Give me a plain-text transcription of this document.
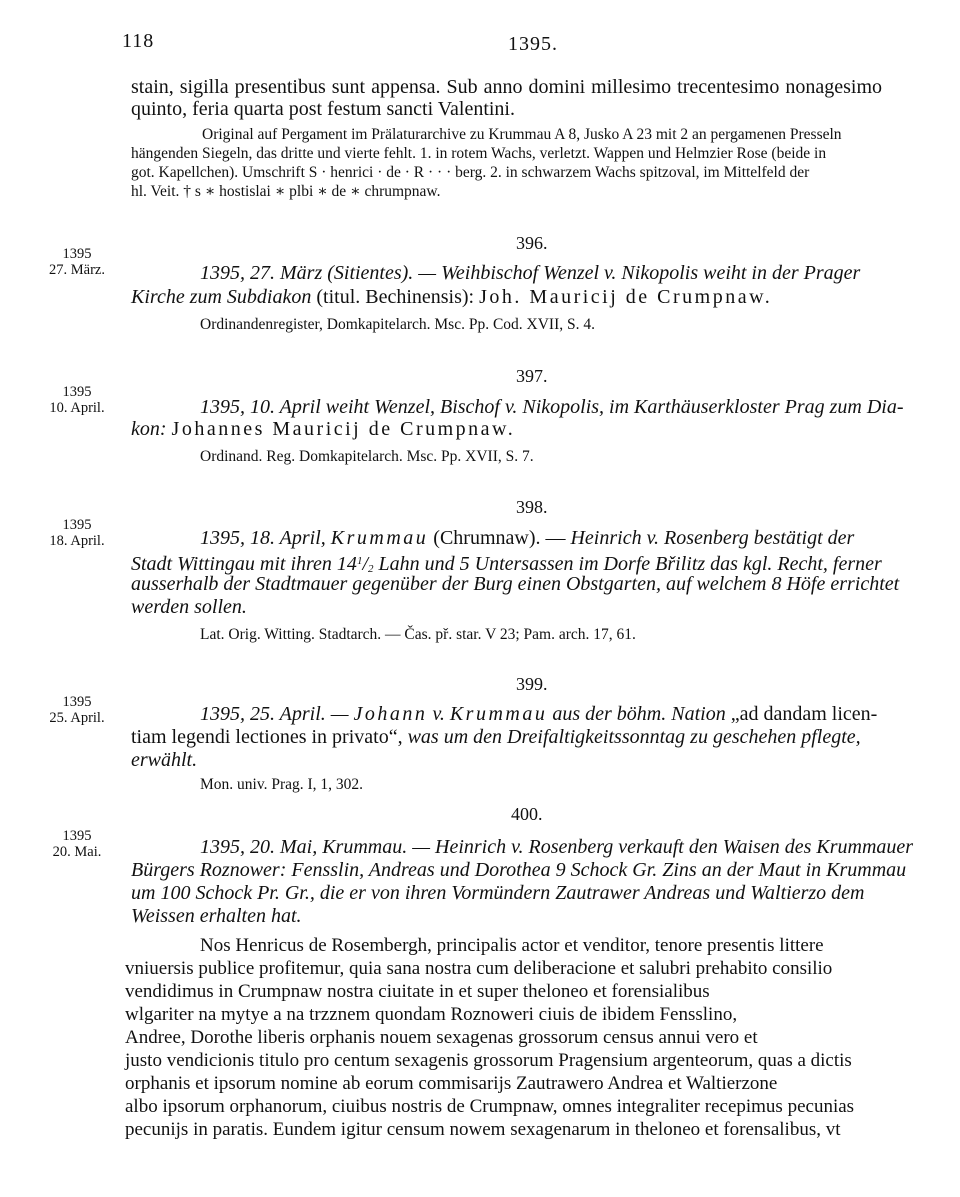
118	1395.
stain, sigilla presentibus sunt appensa. Sub anno domini millesimo trecentesimo nonagesimo
quinto, feria quarta post festum sancti Valentini.
Original auf Pergament im Prälaturarchive zu Krummau A 8, Jusko A 23 mit 2 an pergamenen Presseln
hängenden Siegeln, das dritte und vierte fehlt. 1. in rotem Wachs, verletzt. Wappen und Helmzier Rose (beide in
got. Kapellchen). Umschrift S · henrici · de · R · · · berg. 2. in schwarzem Wachs spitzoval, im Mittelfeld der
hl. Veit. † s ∗ hostislai ∗ plbi ∗ de ∗ chrumpnaw.
396.
1395
27. März.	1395, 27. März (Sitientes). — Weihbischof Wenzel v. Nikopolis weiht in der Prager
Kirche zum Subdiakon (titul. Bechinensis): Joh. Mauricij de Crumpnaw.
Ordinandenregister, Domkapitelarch. Msc. Pp. Cod. XVII, S. 4.
397.
1395
10. April.	1395, 10. April weiht Wenzel, Bischof v. Nikopolis, im Karthäuserkloster Prag zum Dia-
kon: Johannes Mauricij de Crumpnaw.
Ordinand. Reg. Domkapitelarch. Msc. Pp. XVII, S. 7.
398.
1395
18. April.	1395, 18. April, Krummau (Chrumnaw). — Heinrich v. Rosenberg bestätigt der
Stadt Wittingau mit ihren $14^1/2$ Lahn und 5 Untersassen im Dorfe Břilitz das kgl. Recht, ferner
ausserhalb der Stadtmauer gegenüber der Burg einen Obstgarten, auf welchem 8 Höfe errichtet
werden sollen.
Lat. Orig. Witting. Stadtarch. — Čas. př. star. V 23; Pam. arch. 17, 61.
399.
1395
25. April.	1395, 25. April. — Johann v. Krummau aus der böhm. Nation „ad dandam licen-
tiam legendi lectiones in privato“, was um den Dreifaltigkeitssonntag zu geschehen pflegte,
erwählt.
Mon. univ. Prag. I, 1, 302.
400.
1395
20. Mai.	1395, 20. Mai, Krummau. — Heinrich v. Rosenberg verkauft den Waisen des Krummauer
Bürgers Roznower: Fensslin, Andreas und Dorothea 9 Schock Gr. Zins an der Maut in Krummau
um 100 Schock Pr. Gr., die er von ihren Vormündern Zautrawer Andreas und Waltierzo dem
Weissen erhalten hat.
Nos Henricus de Rosembergh, principalis actor et venditor, tenore presentis littere
vniuersis publice profitemur, quia sana nostra cum deliberacione et salubri prehabito consilio
vendidimus in Crumpnaw nostra ciuitate in et super theloneo et forensialibus
wlgariter na mytye a na trzznem quondam Roznoweri ciuis de ibidem Fensslino,
Andree, Dorothe liberis orphanis nouem sexagenas grossorum census annui vero et
justo vendicionis titulo pro centum sexagenis grossorum Pragensium argenteorum, quas a dictis
orphanis et ipsorum nomine ab eorum commisarijs Zautrawero Andrea et Waltierzone
albo ipsorum orphanorum, ciuibus nostris de Crumpnaw, omnes integraliter recepimus pecunias
pecunijs in paratis. Eundem igitur censum nowem sexagenarum in theloneo et forensalibus, vt
